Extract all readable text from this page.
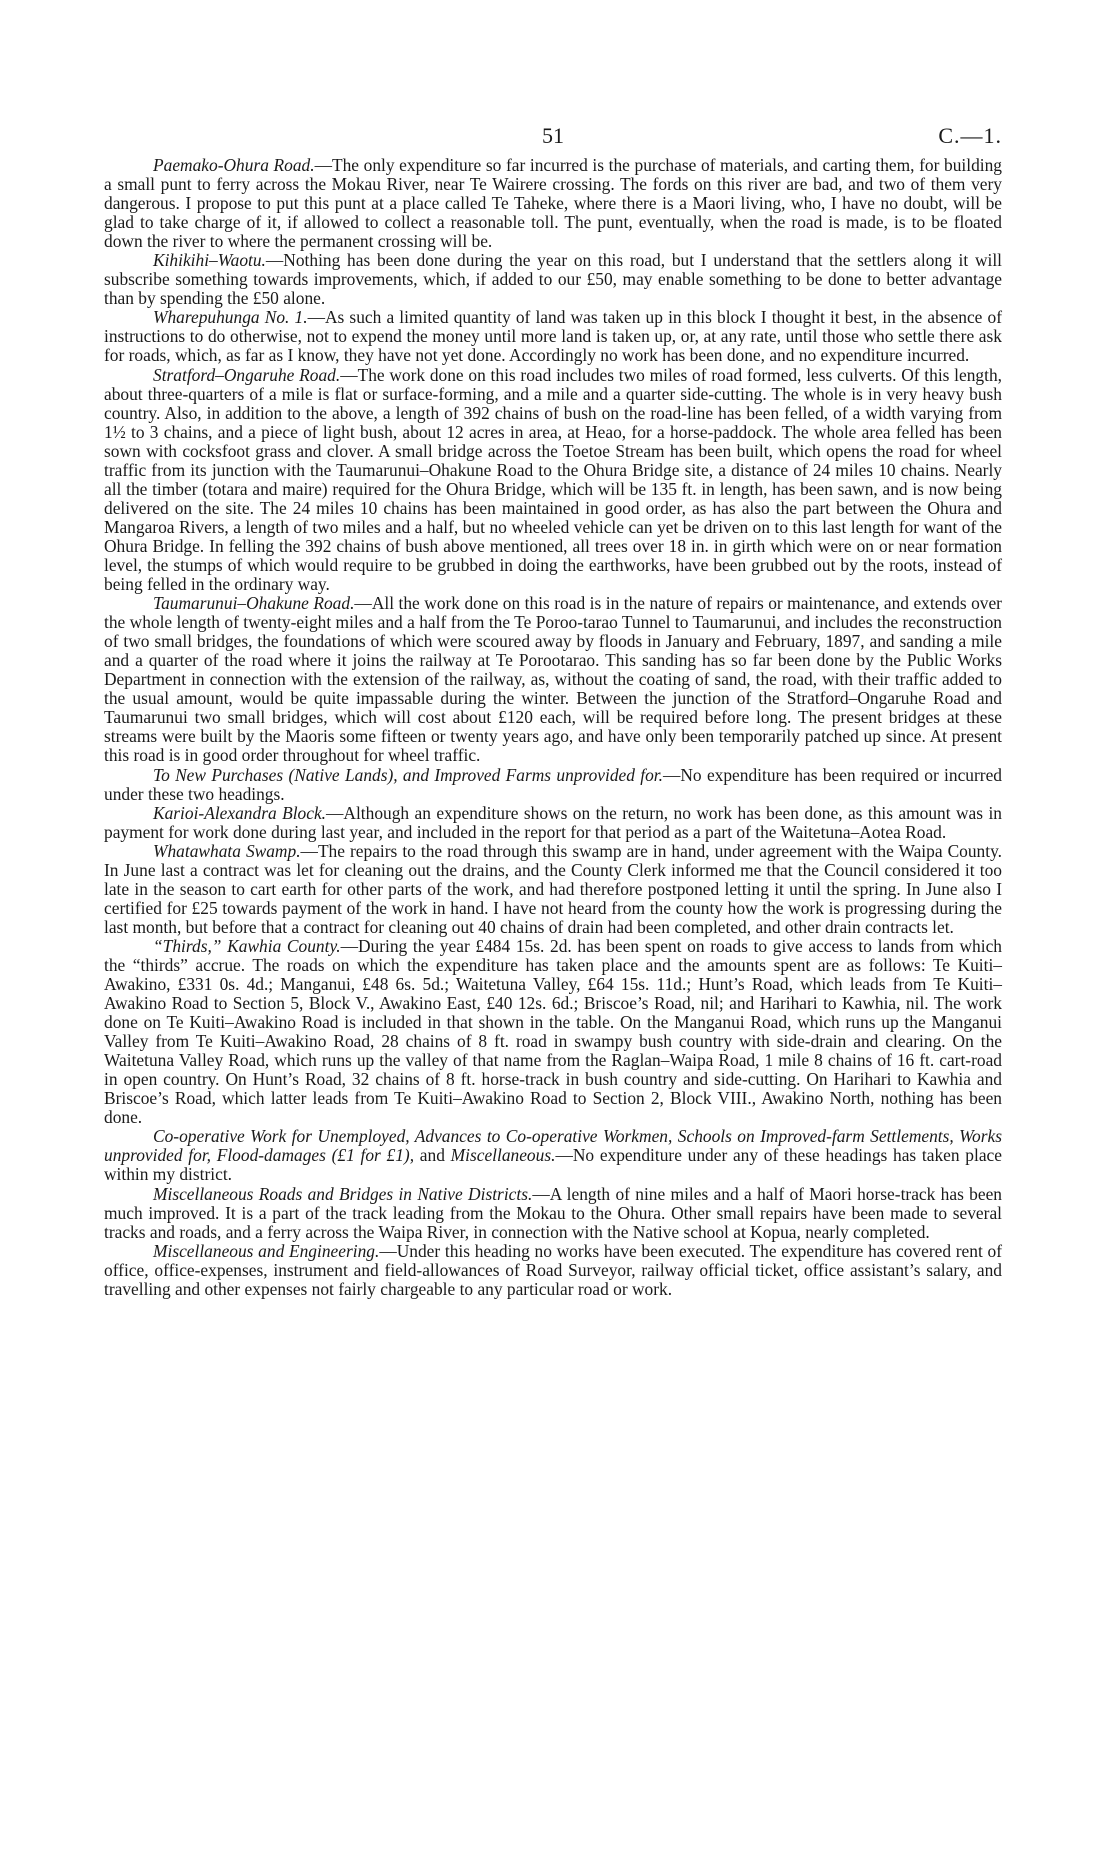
51	C.—1.

Paemako-Ohura Road.—The only expenditure so far incurred is the purchase of materials, and carting them, for building a small punt to ferry across the Mokau River, near Te Wairere crossing. The fords on this river are bad, and two of them very dangerous. I propose to put this punt at a place called Te Taheke, where there is a Maori living, who, I have no doubt, will be glad to take charge of it, if allowed to collect a reasonable toll. The punt, eventually, when the road is made, is to be floated down the river to where the permanent crossing will be.

Kihikihi–Waotu.—Nothing has been done during the year on this road, but I understand that the settlers along it will subscribe something towards improvements, which, if added to our £50, may enable something to be done to better advantage than by spending the £50 alone.

Wharepuhunga No. 1.—As such a limited quantity of land was taken up in this block I thought it best, in the absence of instructions to do otherwise, not to expend the money until more land is taken up, or, at any rate, until those who settle there ask for roads, which, as far as I know, they have not yet done. Accordingly no work has been done, and no expenditure incurred.

Stratford–Ongaruhe Road.—The work done on this road includes two miles of road formed, less culverts. Of this length, about three-quarters of a mile is flat or surface-forming, and a mile and a quarter side-cutting. The whole is in very heavy bush country. Also, in addition to the above, a length of 392 chains of bush on the road-line has been felled, of a width varying from 1½ to 3 chains, and a piece of light bush, about 12 acres in area, at Heao, for a horse-paddock. The whole area felled has been sown with cocksfoot grass and clover. A small bridge across the Toetoe Stream has been built, which opens the road for wheel traffic from its junction with the Taumarunui–Ohakune Road to the Ohura Bridge site, a distance of 24 miles 10 chains. Nearly all the timber (totara and maire) required for the Ohura Bridge, which will be 135 ft. in length, has been sawn, and is now being delivered on the site. The 24 miles 10 chains has been maintained in good order, as has also the part between the Ohura and Mangaroa Rivers, a length of two miles and a half, but no wheeled vehicle can yet be driven on to this last length for want of the Ohura Bridge. In felling the 392 chains of bush above mentioned, all trees over 18 in. in girth which were on or near formation level, the stumps of which would require to be grubbed in doing the earthworks, have been grubbed out by the roots, instead of being felled in the ordinary way.

Taumarunui–Ohakune Road.—All the work done on this road is in the nature of repairs or maintenance, and extends over the whole length of twenty-eight miles and a half from the Te Poroo-tarao Tunnel to Taumarunui, and includes the reconstruction of two small bridges, the foundations of which were scoured away by floods in January and February, 1897, and sanding a mile and a quarter of the road where it joins the railway at Te Porootarao. This sanding has so far been done by the Public Works Department in connection with the extension of the railway, as, without the coating of sand, the road, with their traffic added to the usual amount, would be quite impassable during the winter. Between the junction of the Stratford–Ongaruhe Road and Taumarunui two small bridges, which will cost about £120 each, will be required before long. The present bridges at these streams were built by the Maoris some fifteen or twenty years ago, and have only been temporarily patched up since. At present this road is in good order throughout for wheel traffic.

To New Purchases (Native Lands), and Improved Farms unprovided for.—No expenditure has been required or incurred under these two headings.

Karioi-Alexandra Block.—Although an expenditure shows on the return, no work has been done, as this amount was in payment for work done during last year, and included in the report for that period as a part of the Waitetuna–Aotea Road.

Whatawhata Swamp.—The repairs to the road through this swamp are in hand, under agreement with the Waipa County. In June last a contract was let for cleaning out the drains, and the County Clerk informed me that the Council considered it too late in the season to cart earth for other parts of the work, and had therefore postponed letting it until the spring. In June also I certified for £25 towards payment of the work in hand. I have not heard from the county how the work is progressing during the last month, but before that a contract for cleaning out 40 chains of drain had been completed, and other drain contracts let.

“Thirds,” Kawhia County.—During the year £484 15s. 2d. has been spent on roads to give access to lands from which the “thirds” accrue. The roads on which the expenditure has taken place and the amounts spent are as follows: Te Kuiti–Awakino, £331 0s. 4d.; Manganui, £48 6s. 5d.; Waitetuna Valley, £64 15s. 11d.; Hunt’s Road, which leads from Te Kuiti–Awakino Road to Section 5, Block V., Awakino East, £40 12s. 6d.; Briscoe’s Road, nil; and Harihari to Kawhia, nil. The work done on Te Kuiti–Awakino Road is included in that shown in the table. On the Manganui Road, which runs up the Manganui Valley from Te Kuiti–Awakino Road, 28 chains of 8 ft. road in swampy bush country with side-drain and clearing. On the Waitetuna Valley Road, which runs up the valley of that name from the Raglan–Waipa Road, 1 mile 8 chains of 16 ft. cart-road in open country. On Hunt’s Road, 32 chains of 8 ft. horse-track in bush country and side-cutting. On Harihari to Kawhia and Briscoe’s Road, which latter leads from Te Kuiti–Awakino Road to Section 2, Block VIII., Awakino North, nothing has been done.

Co-operative Work for Unemployed, Advances to Co-operative Workmen, Schools on Improved-farm Settlements, Works unprovided for, Flood-damages (£1 for £1), and Miscellaneous.—No expenditure under any of these headings has taken place within my district.

Miscellaneous Roads and Bridges in Native Districts.—A length of nine miles and a half of Maori horse-track has been much improved. It is a part of the track leading from the Mokau to the Ohura. Other small repairs have been made to several tracks and roads, and a ferry across the Waipa River, in connection with the Native school at Kopua, nearly completed.

Miscellaneous and Engineering.—Under this heading no works have been executed. The expenditure has covered rent of office, office-expenses, instrument and field-allowances of Road Surveyor, railway official ticket, office assistant’s salary, and travelling and other expenses not fairly chargeable to any particular road or work.
